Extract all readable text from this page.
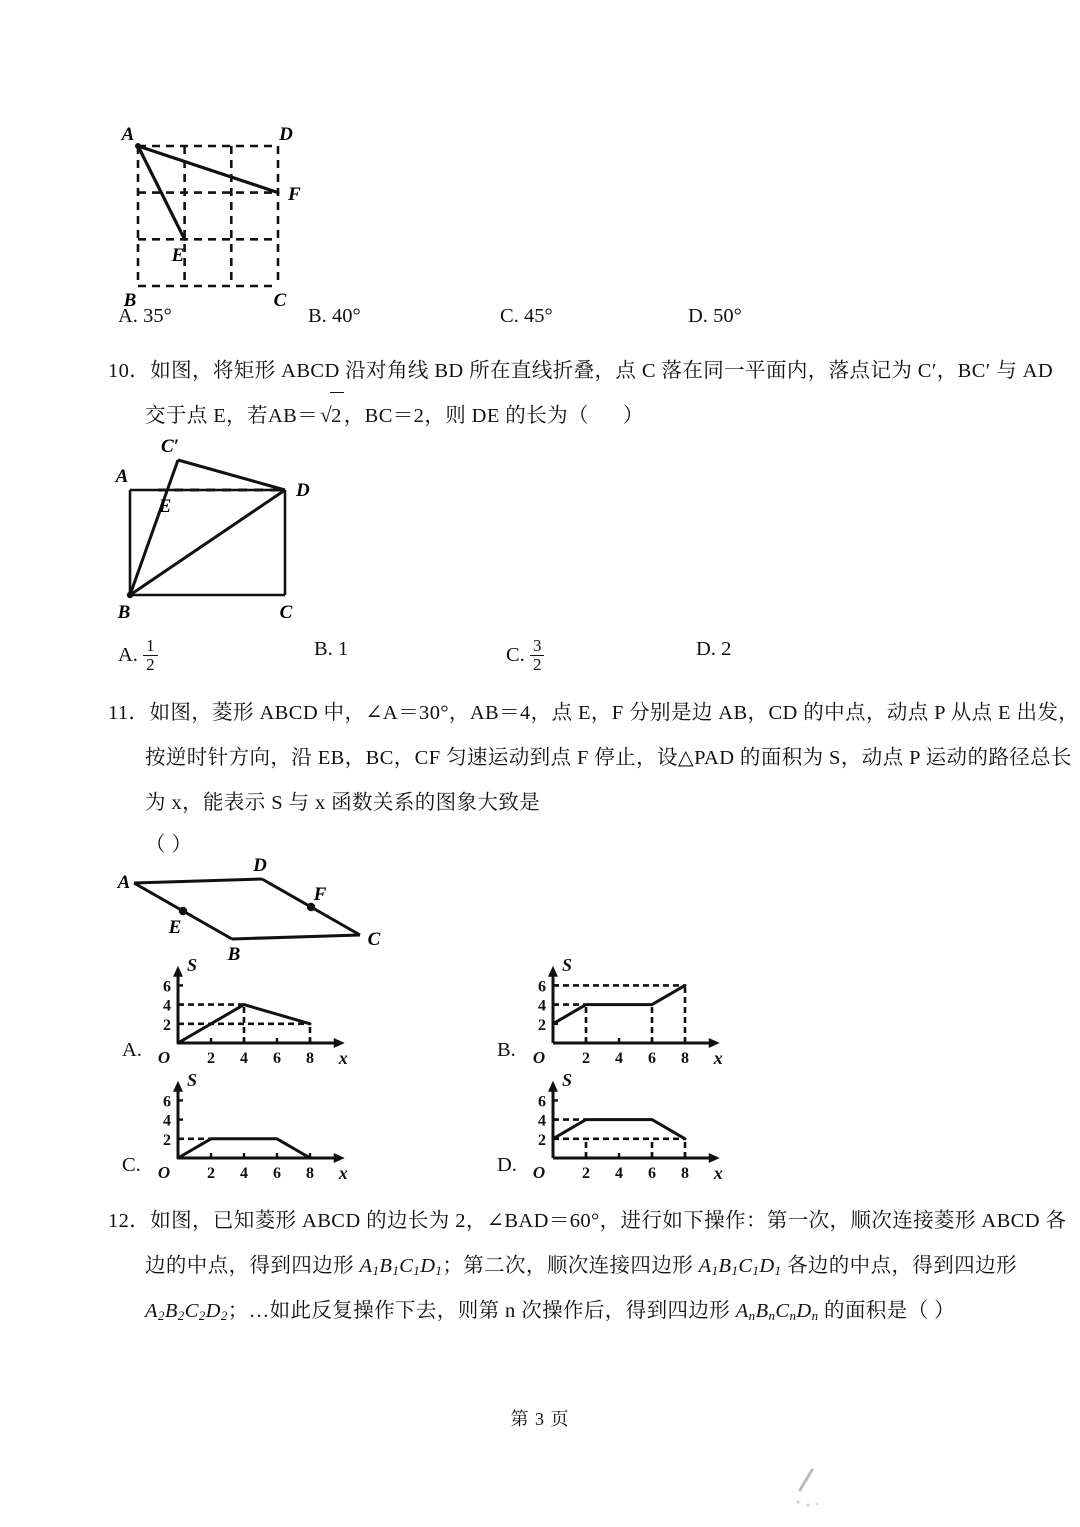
A	D
F
E
B	C
A. 35°	B. 40°	C. 45°	D. 50°
10．如图，将矩形 ABCD 沿对角线 BD 所在直线折叠，点 C 落在同一平面内，落点记为 C′，BC′ 与 AD
交于点 E，若AB＝√2，BC＝2，则 DE 的长为（ ）
C′
A
E
D
B	C
A. $\frac{1}{2}$	B. 1	C. $\frac{3}{2}$	D. 2
11．如图，菱形 ABCD 中，∠A＝30°，AB＝4，点 E，F 分别是边 AB，CD 的中点，动点 P 从点 E 出发，
按逆时针方向，沿 EB，BC，CF 匀速运动到点 F 停止，设△PAD 的面积为 S，动点 P 运动的路径总长
为 x，能表示 S 与 x 函数关系的图象大致是
（ ）
A
D
F
E
B
C
A.
2
4
6
2 4 6 8
S
x
O	B.
2
4
6
2 4 6 8
S
x
O
C.
2
4
6
2 4 6 8
S
x
O	D.
2
4
6
2 4 6 8
S
x
O
12．如图，已知菱形 ABCD 的边长为 2，∠BAD＝60°，进行如下操作：第一次，顺次连接菱形 ABCD 各
边的中点，得到四边形 $A_1B_1C_1D_1$；第二次，顺次连接四边形 $A_1B_1C_1D_1$ 各边的中点，得到四边形
$A_2B_2C_2D_2$；…如此反复操作下去，则第 n 次操作后，得到四边形 $A_nB_nC_nD_n$ 的面积是（ ）
第 3 页
